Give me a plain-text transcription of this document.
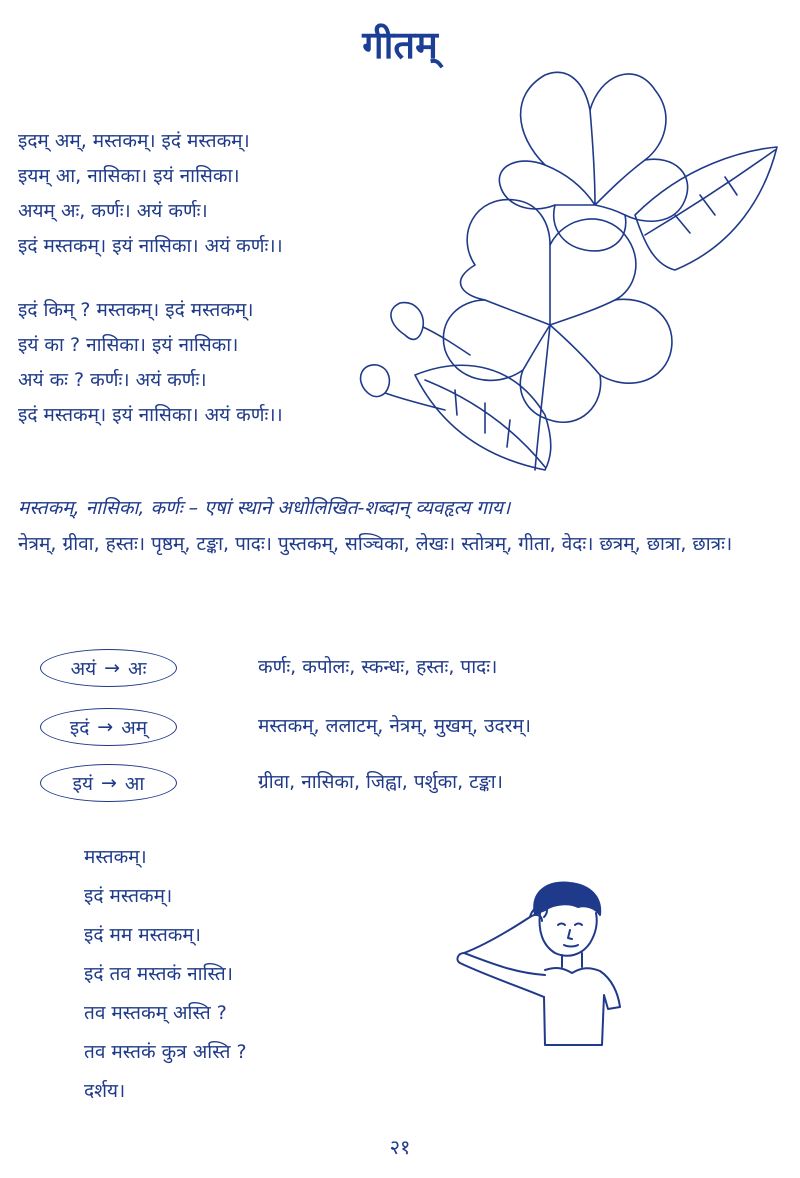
गीतम्
इदम् अम्, मस्तकम्। इदं मस्तकम्।
इयम् आ, नासिका। इयं नासिका।
अयम् अः, कर्णः। अयं कर्णः।
इदं मस्तकम्। इयं नासिका। अयं कर्णः।।
इदं किम् ? मस्तकम्। इदं मस्तकम्।
इयं का ? नासिका। इयं नासिका।
अयं कः ? कर्णः। अयं कर्णः।
इदं मस्तकम्। इयं नासिका। अयं कर्णः।।
मस्तकम्, नासिका, कर्णः – एषां स्थाने अधोलिखित-शब्दान् व्यवहृत्य गाय।
नेत्रम्, ग्रीवा, हस्तः। पृष्ठम्, टङ्का, पादः। पुस्तकम्, सञ्चिका, लेखः। स्तोत्रम्, गीता, वेदः। छत्रम्, छात्रा, छात्रः।
अयं → अः	कर्णः, कपोलः, स्कन्धः, हस्तः, पादः।
इदं → अम्	मस्तकम्, ललाटम्, नेत्रम्, मुखम्, उदरम्।
इयं → आ	ग्रीवा, नासिका, जिह्वा, पर्शुका, टङ्का।
मस्तकम्।
इदं मस्तकम्।
इदं मम मस्तकम्।
इदं तव मस्तकं नास्ति।
तव मस्तकम् अस्ति ?
तव मस्तकं कुत्र अस्ति ?
दर्शय।
२१
